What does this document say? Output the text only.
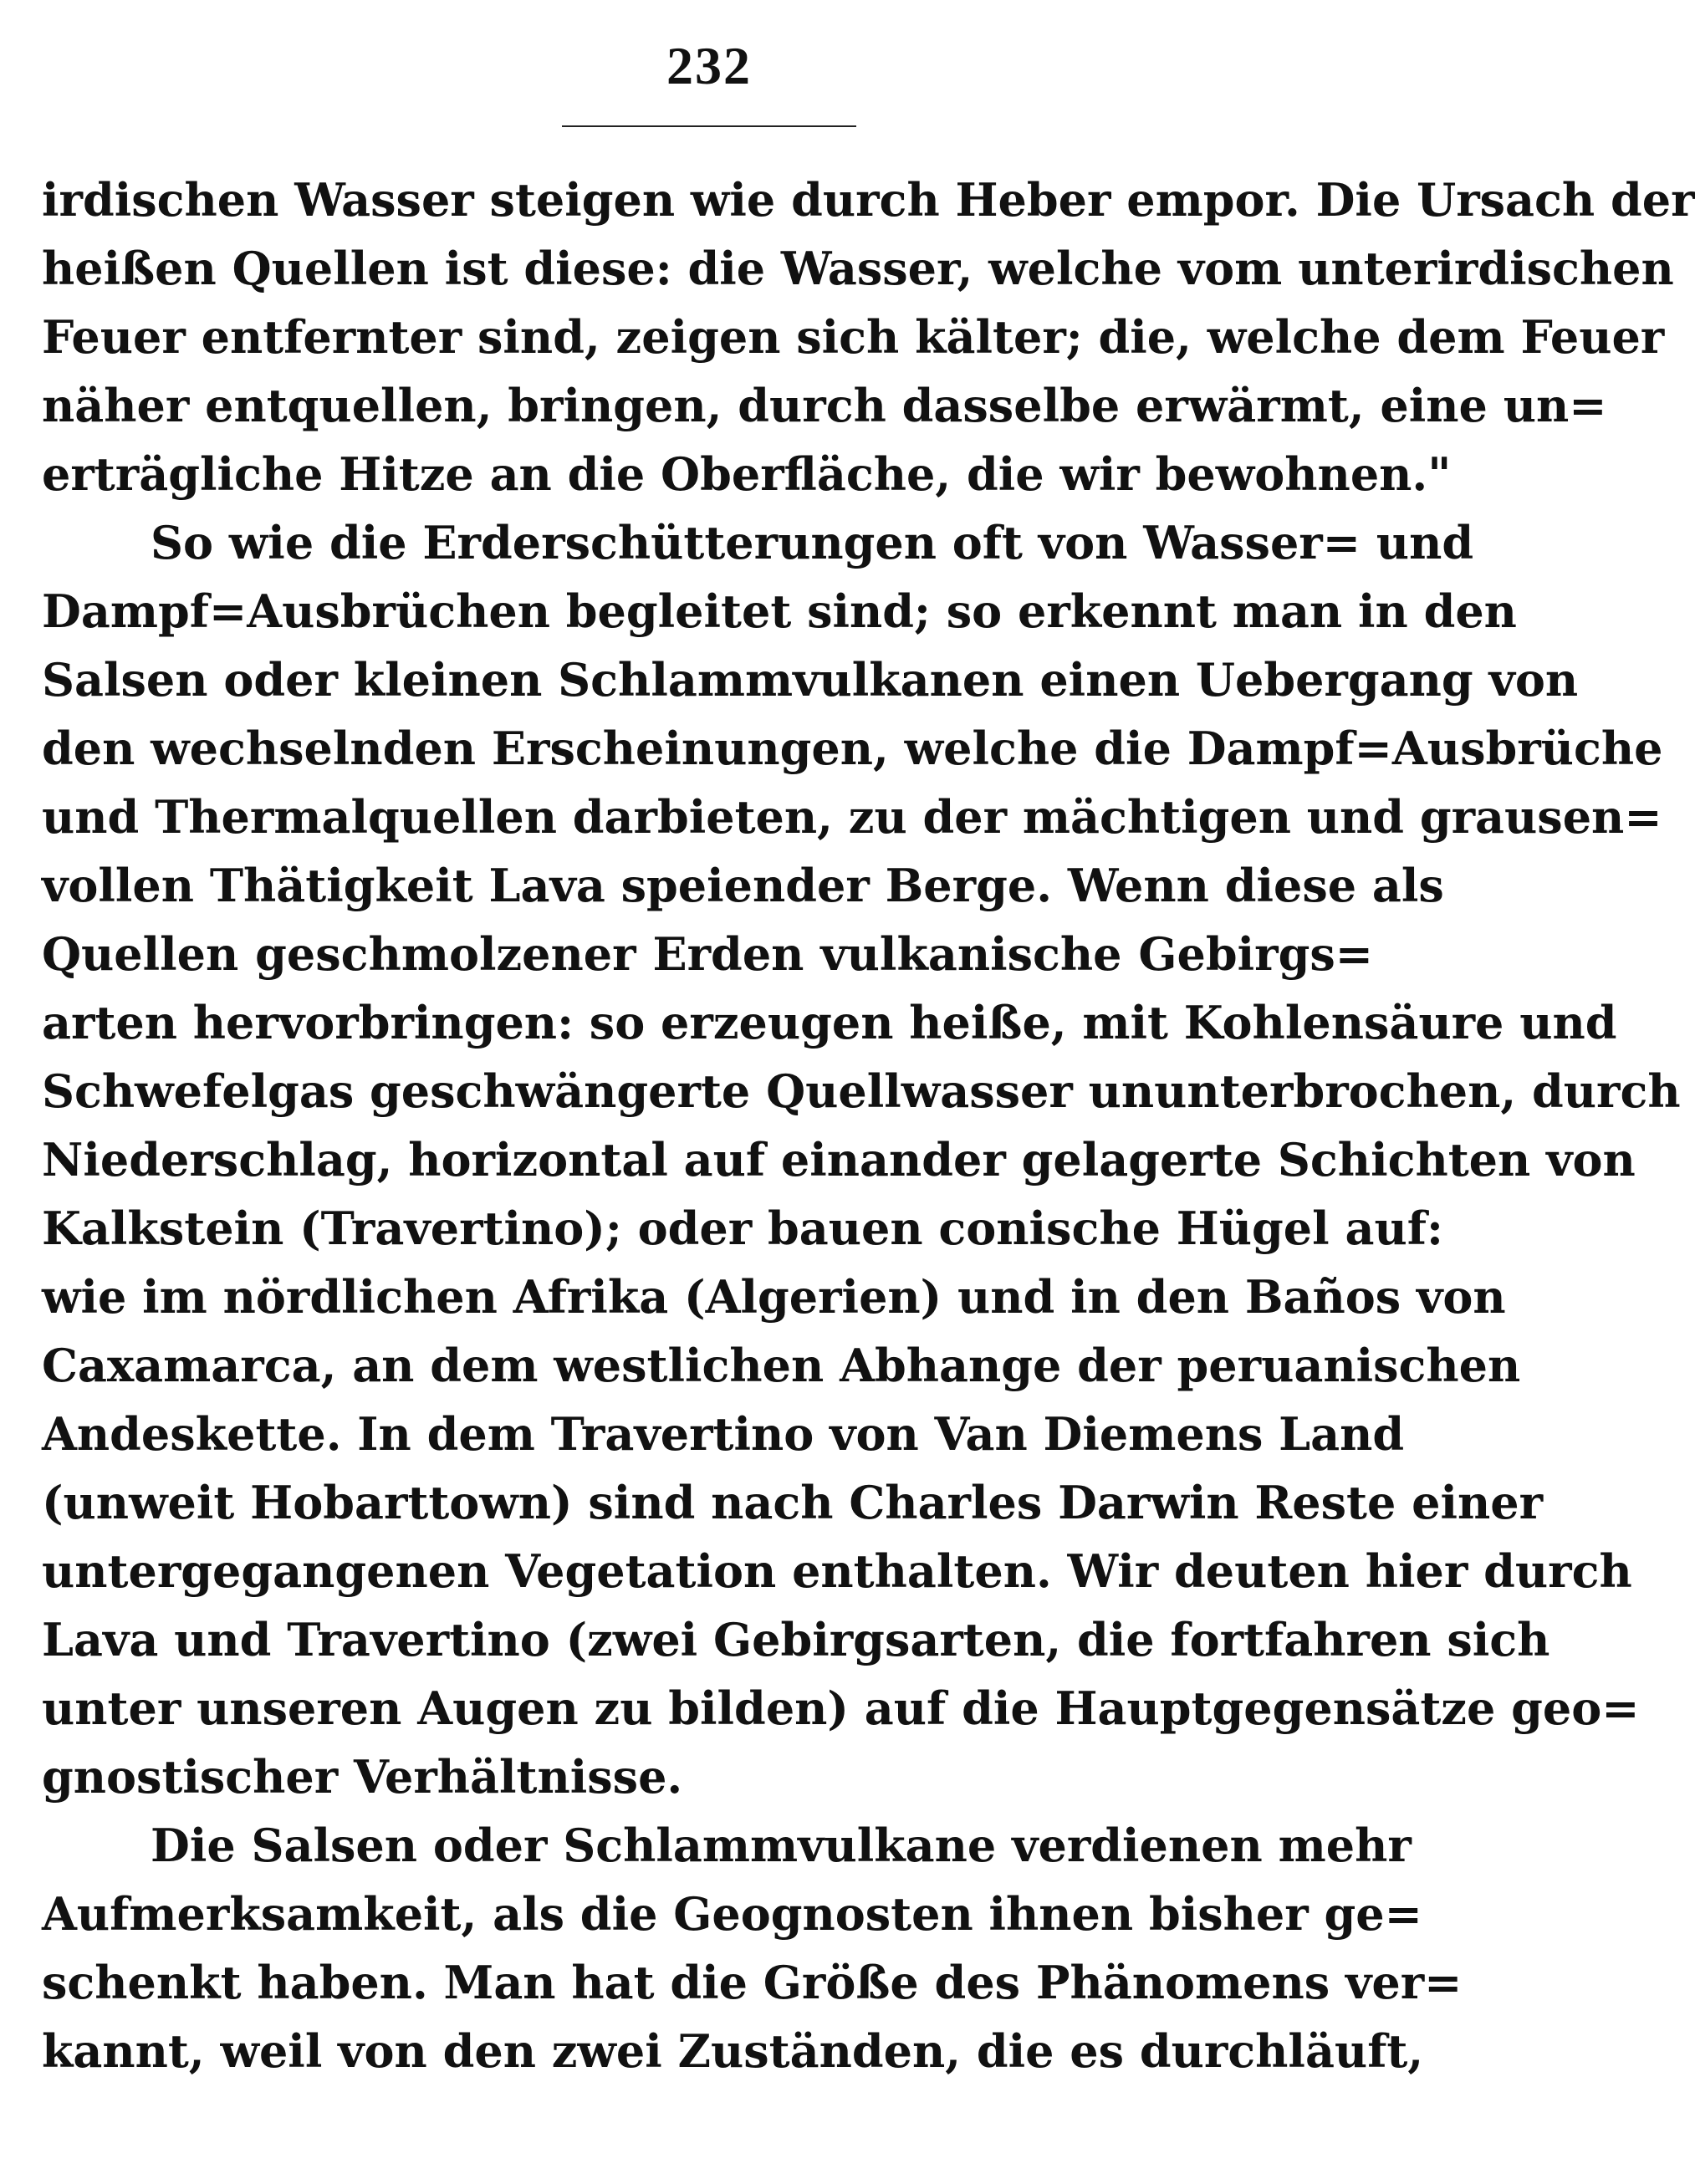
232
irdischen Wasser steigen wie durch Heber empor. Die Ursach der
heißen Quellen ist diese: die Wasser, welche vom unterirdischen
Feuer entfernter sind, zeigen sich kälter; die, welche dem Feuer
näher entquellen, bringen, durch dasselbe erwärmt, eine un=
erträgliche Hitze an die Oberfläche, die wir bewohnen."
So wie die Erderschütterungen oft von Wasser= und
Dampf=Ausbrüchen begleitet sind; so erkennt man in den
Salsen oder kleinen Schlammvulkanen einen Uebergang von
den wechselnden Erscheinungen, welche die Dampf=Ausbrüche
und Thermalquellen darbieten, zu der mächtigen und grausen=
vollen Thätigkeit Lava speiender Berge. Wenn diese als
Quellen geschmolzener Erden vulkanische Gebirgs=
arten hervorbringen: so erzeugen heiße, mit Kohlensäure und
Schwefelgas geschwängerte Quellwasser ununterbrochen, durch
Niederschlag, horizontal auf einander gelagerte Schichten von
Kalkstein (Travertino); oder bauen conische Hügel auf:
wie im nördlichen Afrika (Algerien) und in den Baños von
Caxamarca, an dem westlichen Abhange der peruanischen
Andeskette. In dem Travertino von Van Diemens Land
(unweit Hobarttown) sind nach Charles Darwin Reste einer
untergegangenen Vegetation enthalten. Wir deuten hier durch
Lava und Travertino (zwei Gebirgsarten, die fortfahren sich
unter unseren Augen zu bilden) auf die Hauptgegensätze geo=
gnostischer Verhältnisse.
Die Salsen oder Schlammvulkane verdienen mehr
Aufmerksamkeit, als die Geognosten ihnen bisher ge=
schenkt haben. Man hat die Größe des Phänomens ver=
kannt, weil von den zwei Zuständen, die es durchläuft,
